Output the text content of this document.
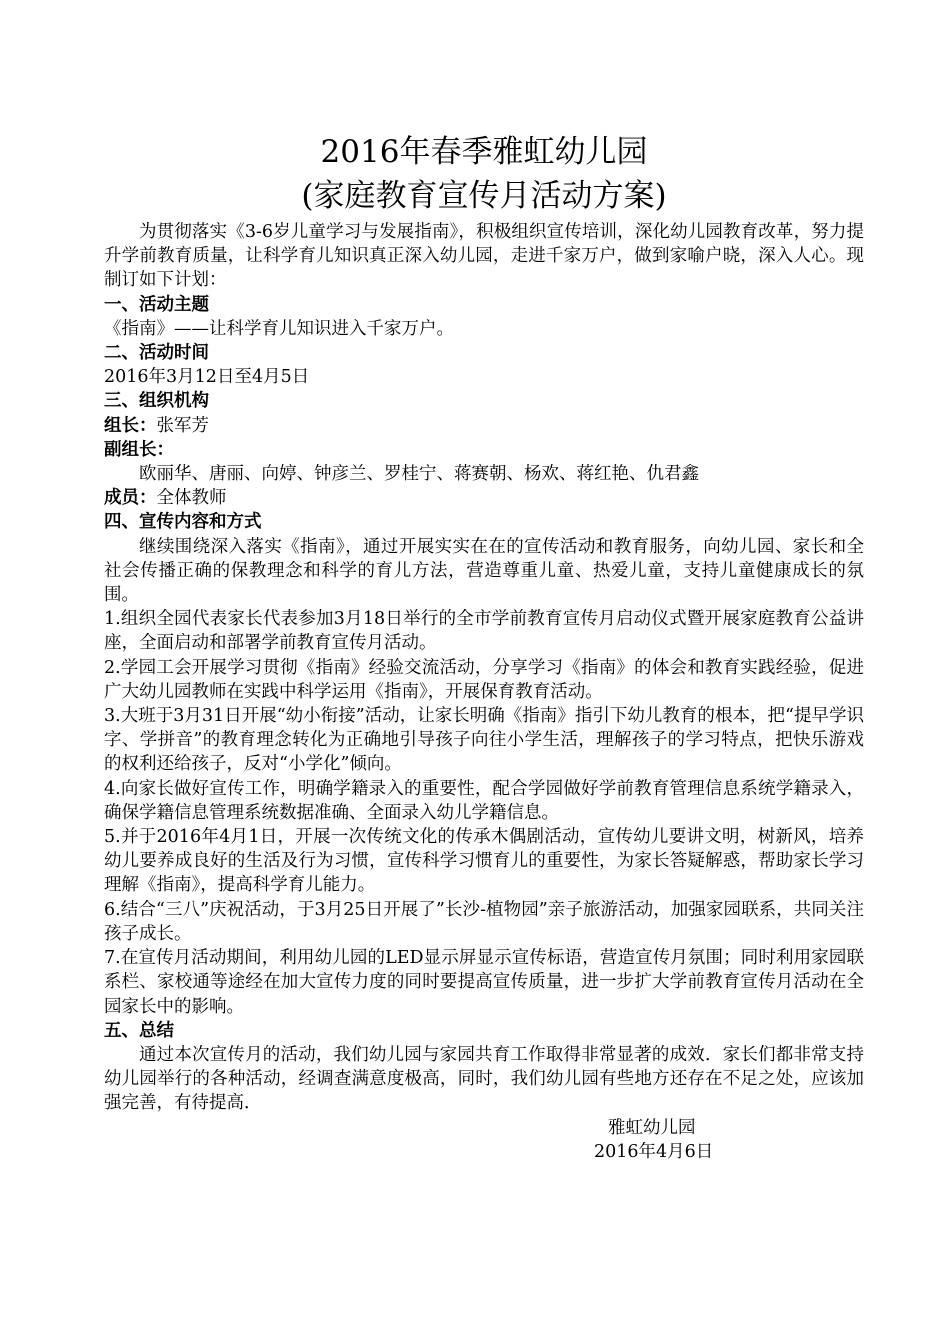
2016年春季雅虹幼儿园
(家庭教育宣传月活动方案)

为贯彻落实《3-6岁儿童学习与发展指南》，积极组织宣传培训，深化幼儿园教育改革，努力提升学前教育质量，让科学育儿知识真正深入幼儿园，走进千家万户，做到家喻户晓，深入人心。现制订如下计划：

一、活动主题

《指南》——让科学育儿知识进入千家万户。

二、活动时间

2016年3月12日至4月5日

三、组织机构

组长：张军芳

副组长：

欧丽华、唐丽、向婷、钟彦兰、罗桂宁、蒋赛朝、杨欢、蒋红艳、仇君鑫

成员：全体教师

四、宣传内容和方式

继续围绕深入落实《指南》，通过开展实实在在的宣传活动和教育服务，向幼儿园、家长和全社会传播正确的保教理念和科学的育儿方法，营造尊重儿童、热爱儿童，支持儿童健康成长的氛围。

1.组织全园代表家长代表参加3月18日举行的全市学前教育宣传月启动仪式暨开展家庭教育公益讲座，全面启动和部署学前教育宣传月活动。

2.学园工会开展学习贯彻《指南》经验交流活动，分享学习《指南》的体会和教育实践经验，促进广大幼儿园教师在实践中科学运用《指南》，开展保育教育活动。

3.大班于3月31日开展“幼小衔接”活动，让家长明确《指南》指引下幼儿教育的根本，把“提早学识字、学拼音”的教育理念转化为正确地引导孩子向往小学生活，理解孩子的学习特点，把快乐游戏的权利还给孩子，反对“小学化”倾向。

4.向家长做好宣传工作，明确学籍录入的重要性，配合学园做好学前教育管理信息系统学籍录入，确保学籍信息管理系统数据准确、全面录入幼儿学籍信息。

5.并于2016年4月1日，开展一次传统文化的传承木偶剧活动，宣传幼儿要讲文明，树新风，培养幼儿要养成良好的生活及行为习惯，宣传科学习惯育儿的重要性，为家长答疑解惑，帮助家长学习理解《指南》，提高科学育儿能力。

6.结合“三八”庆祝活动，于3月25日开展了”长沙-植物园”亲子旅游活动，加强家园联系，共同关注孩子成长。

7.在宣传月活动期间，利用幼儿园的LED显示屏显示宣传标语，营造宣传月氛围；同时利用家园联系栏、家校通等途经在加大宣传力度的同时要提高宣传质量，进一步扩大学前教育宣传月活动在全园家长中的影响。

五、总结

通过本次宣传月的活动，我们幼儿园与家园共育工作取得非常显著的成效．家长们都非常支持幼儿园举行的各种活动，经调查满意度极高，同时，我们幼儿园有些地方还存在不足之处，应该加强完善，有待提高．

雅虹幼儿园

2016年4月6日
